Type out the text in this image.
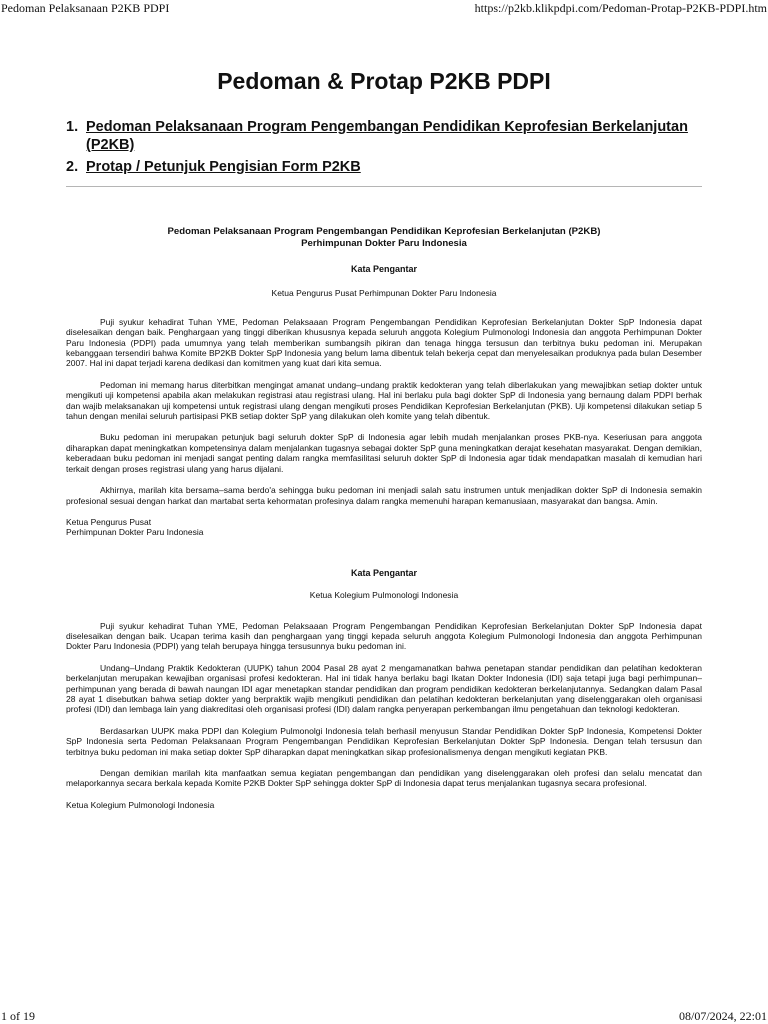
Pedoman Pelaksanaan P2KB PDPI	https://p2kb.klikpdpi.com/Pedoman-Protap-P2KB-PDPI.htm
Pedoman & Protap P2KB PDPI
1. Pedoman Pelaksanaan Program Pengembangan Pendidikan Keprofesian Berkelanjutan (P2KB)
2. Protap / Petunjuk Pengisian Form P2KB

Pedoman Pelaksanaan Program Pengembangan Pendidikan Keprofesian Berkelanjutan (P2KB)
Perhimpunan Dokter Paru Indonesia

Kata Pengantar

Ketua Pengurus Pusat Perhimpunan Dokter Paru Indonesia

Puji syukur kehadirat Tuhan YME, Pedoman Pelaksaaan Program Pengembangan Pendidikan Keprofesian Berkelanjutan Dokter SpP Indonesia dapat diselesaikan dengan baik. Penghargaan yang tinggi diberikan khususnya kepada seluruh anggota Kolegium Pulmonologi Indonesia dan anggota Perhimpunan Dokter Paru Indonesia (PDPI) pada umumnya yang telah memberikan sumbangsih pikiran dan tenaga hingga tersusun dan terbitnya buku pedoman ini. Merupakan kebanggaan tersendiri bahwa Komite BP2KB Dokter SpP Indonesia yang belum lama dibentuk telah bekerja cepat dan menyelesaikan produknya pada bulan Desember 2007. Hal ini dapat terjadi karena dedikasi dan komitmen yang kuat dari kita semua.

Pedoman ini memang harus diterbitkan mengingat amanat undang–undang praktik kedokteran yang telah diberlakukan yang mewajibkan setiap dokter untuk mengikuti uji kompetensi apabila akan melakukan registrasi atau registrasi ulang. Hal ini berlaku pula bagi dokter SpP di Indonesia yang bernaung dalam PDPI berhak dan wajib melaksanakan uji kompetensi untuk registrasi ulang dengan mengikuti proses Pendidikan Keprofesian Berkelanjutan (PKB). Uji kompetensi dilakukan setiap 5 tahun dengan menilai seluruh partisipasi PKB setiap dokter SpP yang dilakukan oleh komite yang telah dibentuk.

Buku pedoman ini merupakan petunjuk bagi seluruh dokter SpP di Indonesia agar lebih mudah menjalankan proses PKB-nya. Keseriusan para anggota diharapkan dapat meningkatkan kompetensinya dalam menjalankan tugasnya sebagai dokter SpP guna meningkatkan derajat kesehatan masyarakat. Dengan demikian, keberadaan buku pedoman ini menjadi sangat penting dalam rangka memfasilitasi seluruh dokter SpP di Indonesia agar tidak mendapatkan masalah di kemudian hari terkait dengan proses registrasi ulang yang harus dijalani.

Akhirnya, marilah kita bersama–sama berdo'a sehingga buku pedoman ini menjadi salah satu instrumen untuk menjadikan dokter SpP di Indonesia semakin profesional sesuai dengan harkat dan martabat serta kehormatan profesinya dalam rangka memenuhi harapan kemanusiaan, masyarakat dan bangsa. Amin.

Ketua Pengurus Pusat
Perhimpunan Dokter Paru Indonesia

Kata Pengantar

Ketua Kolegium Pulmonologi Indonesia

Puji syukur kehadirat Tuhan YME, Pedoman Pelaksaaan Program Pengembangan Pendidikan Keprofesian Berkelanjutan Dokter SpP Indonesia dapat diselesaikan dengan baik. Ucapan terima kasih dan penghargaan yang tinggi kepada seluruh anggota Kolegium Pulmonologi Indonesia dan anggota Perhimpunan Dokter Paru Indonesia (PDPI) yang telah berupaya hingga tersusunnya buku pedoman ini.

Undang–Undang Praktik Kedokteran (UUPK) tahun 2004 Pasal 28 ayat 2 mengamanatkan bahwa penetapan standar pendidikan dan pelatihan kedokteran berkelanjutan merupakan kewajiban organisasi profesi kedokteran. Hal ini tidak hanya berlaku bagi Ikatan Dokter Indonesia (IDI) saja tetapi juga bagi perhimpunan–perhimpunan yang berada di bawah naungan IDI agar menetapkan standar pendidikan dan program pendidikan kedokteran berkelanjutannya. Sedangkan dalam Pasal 28 ayat 1 disebutkan bahwa setiap dokter yang berpraktik wajib mengikuti pendidikan dan pelatihan kedokteran berkelanjutan yang diselenggarakan oleh organisasi profesi (IDI) dan lembaga lain yang diakreditasi oleh organisasi profesi (IDI) dalam rangka penyerapan perkembangan ilmu pengetahuan dan teknologi kedokteran.

Berdasarkan UUPK maka PDPI dan Kolegium Pulmonolgi Indonesia telah berhasil menyusun Standar Pendidikan Dokter SpP Indonesia, Kompetensi Dokter SpP Indonesia serta Pedoman Pelaksanaan Program Pengembangan Pendidikan Keprofesian Berkelanjutan Dokter SpP Indonesia. Dengan telah tersusun dan terbitnya buku pedoman ini maka setiap dokter SpP diharapkan dapat meningkatkan sikap profesionalismenya dengan mengikuti kegiatan PKB.

Dengan demikian marilah kita manfaatkan semua kegiatan pengembangan dan pendidikan yang diselenggarakan oleh profesi dan selalu mencatat dan melaporkannya secara berkala kepada Komite P2KB Dokter SpP sehingga dokter SpP di Indonesia dapat terus menjalankan tugasnya secara profesional.

Ketua Kolegium Pulmonologi Indonesia

1 of 19	08/07/2024, 22:01
